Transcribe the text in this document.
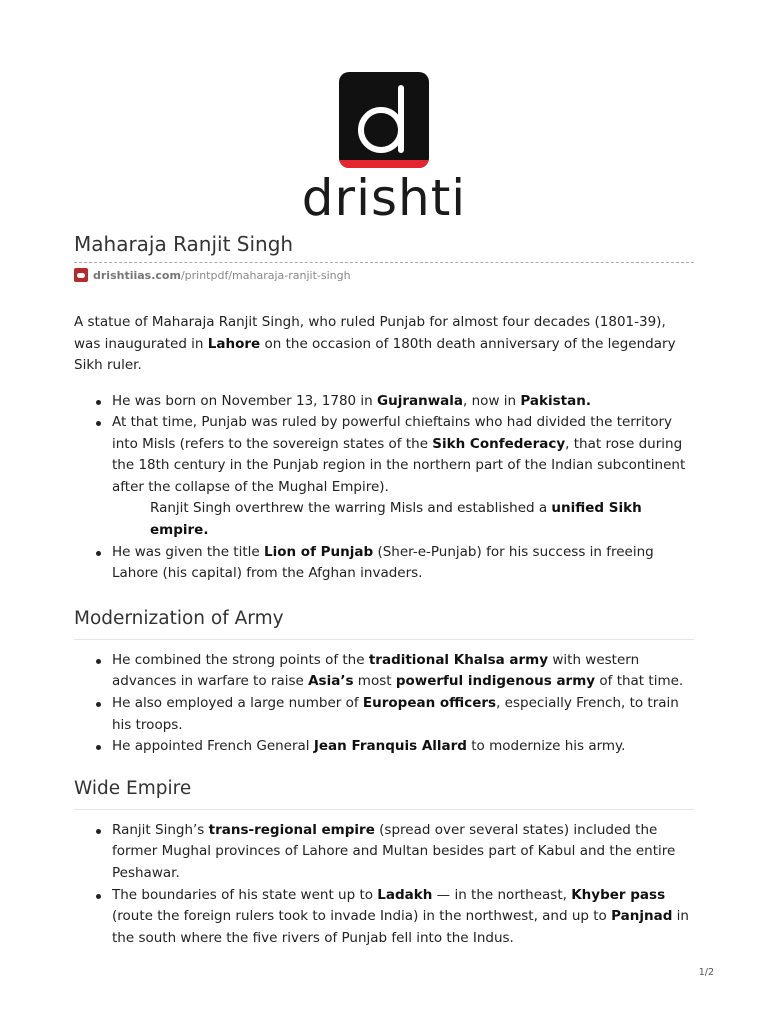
drishti
Maharaja Ranjit Singh
drishtiias.com /printpdf/maharaja-ranjit-singh

A statue of Maharaja Ranjit Singh, who ruled Punjab for almost four decades (1801-39), was inaugurated in Lahore on the occasion of 180th death anniversary of the legendary Sikh ruler.

He was born on November 13, 1780 in Gujranwala, now in Pakistan.
At that time, Punjab was ruled by powerful chieftains who had divided the territory into Misls (refers to the sovereign states of the Sikh Confederacy, that rose during the 18th century in the Punjab region in the northern part of the Indian subcontinent after the collapse of the Mughal Empire).
Ranjit Singh overthrew the warring Misls and established a unified Sikh empire.
He was given the title Lion of Punjab (Sher-e-Punjab) for his success in freeing Lahore (his capital) from the Afghan invaders.
Modernization of Army
He combined the strong points of the traditional Khalsa army with western advances in warfare to raise Asia’s most powerful indigenous army of that time.
He also employed a large number of European officers, especially French, to train his troops.
He appointed French General Jean Franquis Allard to modernize his army.
Wide Empire
Ranjit Singh’s trans-regional empire (spread over several states) included the former Mughal provinces of Lahore and Multan besides part of Kabul and the entire Peshawar.
The boundaries of his state went up to Ladakh — in the northeast, Khyber pass (route the foreign rulers took to invade India) in the northwest, and up to Panjnad in the south where the five rivers of Punjab fell into the Indus.
1/2
